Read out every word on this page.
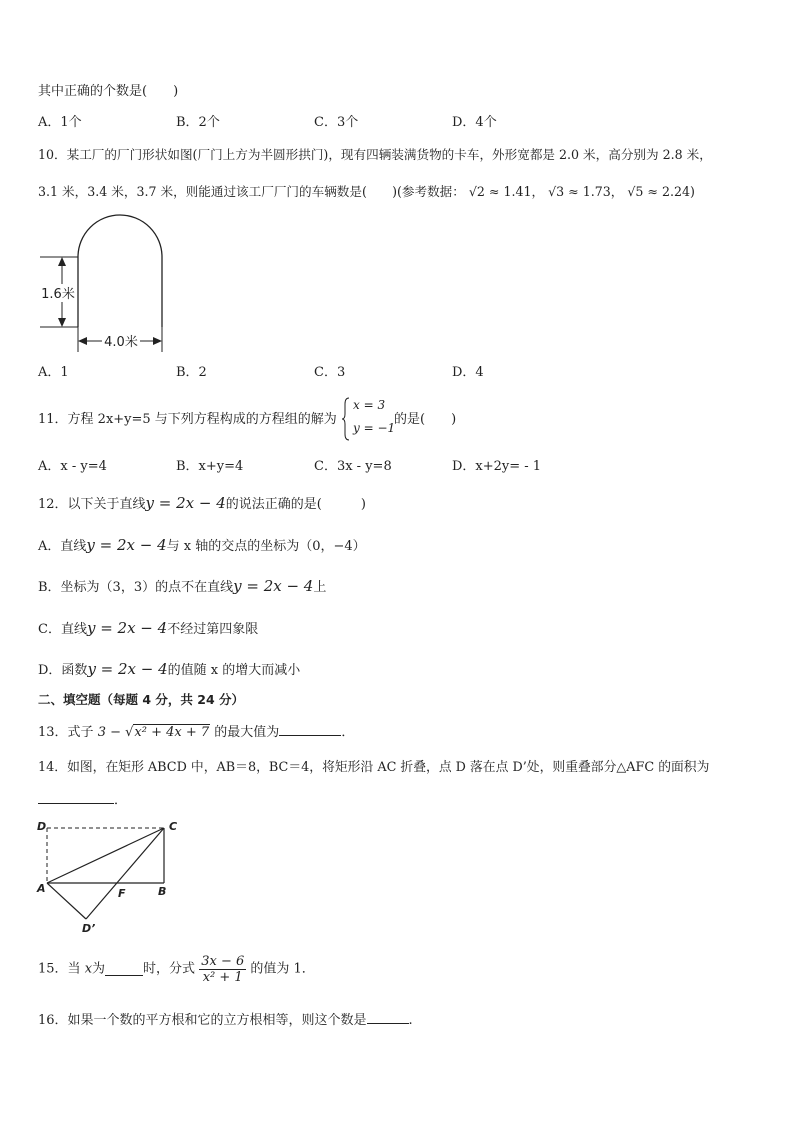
其中正确的个数是(　　)
A．1个	B．2个	C．3个	D．4个
10．某工厂的厂门形状如图(厂门上方为半圆形拱门)，现有四辆装满货物的卡车，外形宽都是 2.0 米，高分别为 2.8 米，
3.1 米，3.4 米，3.7 米，则能通过该工厂厂门的车辆数是(　　)(参考数据： √2 ≈ 1.41， √3 ≈ 1.73， √5 ≈ 2.24)
1.6米
4.0米
A．1	B．2	C．3	D．4
11．方程 2x+y=5 与下列方程构成的方程组的解为
x = 3
y = −1
的是(　　)
A．x - y=4	B．x+y=4	C．3x - y=8	D．x+2y= - 1
12．以下关于直线y = 2x − 4的说法正确的是(　　　)
A．直线y = 2x − 4与 x 轴的交点的坐标为（0，−4）
B．坐标为（3，3）的点不在直线y = 2x − 4上
C．直线y = 2x − 4不经过第四象限
D．函数y = 2x − 4的值随 x 的增大而减小
二、填空题（每题 4 分，共 24 分）
13．式子 3 − √x² + 4x + 7 的最大值为	．
14．如图，在矩形 ABCD 中，AB＝8，BC＝4，将矩形沿 AC 折叠，点 D 落在点 D’处，则重叠部分△AFC 的面积为
．
D	C
A	F	B
D’
15．当 x为	时，分式 $\frac{3x - 6}{\text{x² + 1}}$ 的值为 1．
16．如果一个数的平方根和它的立方根相等，则这个数是	.
